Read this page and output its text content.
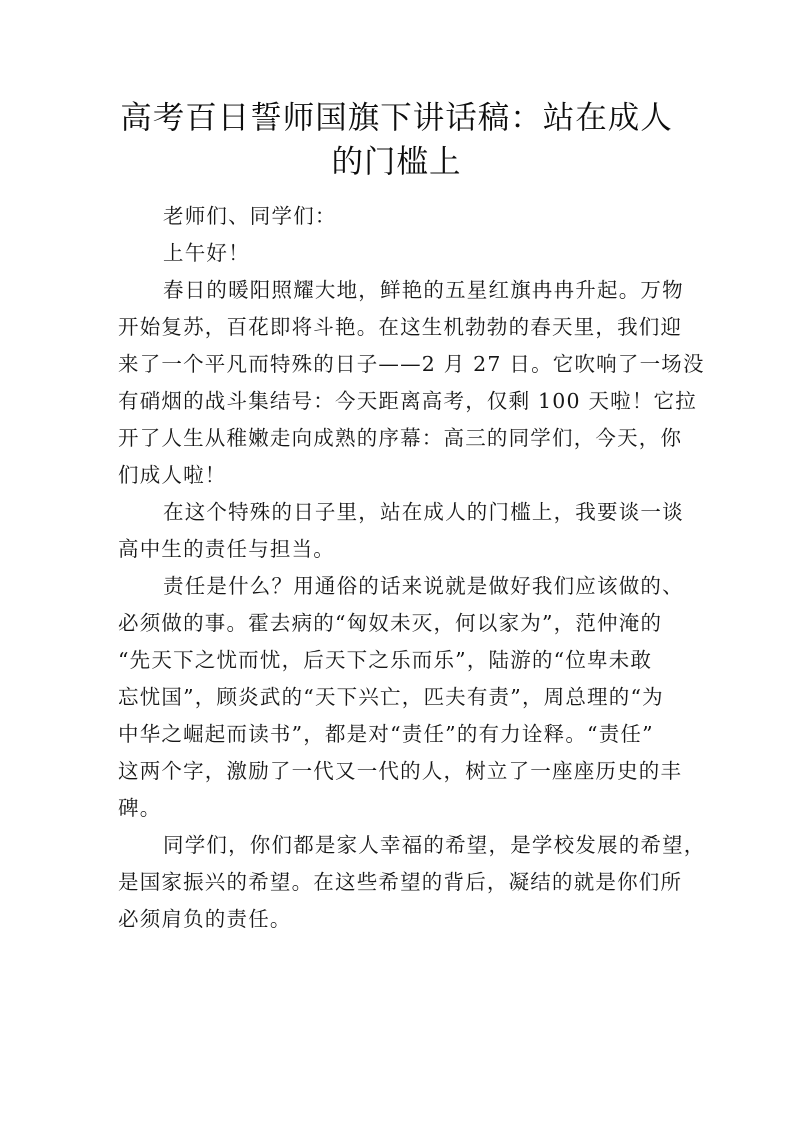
高考百日誓师国旗下讲话稿：站在成人
的门槛上

老师们、同学们：

上午好！

春日的暖阳照耀大地，鲜艳的五星红旗冉冉升起。万物
开始复苏，百花即将斗艳。在这生机勃勃的春天里，我们迎
来了一个平凡而特殊的日子——2 月 27 日。它吹响了一场没
有硝烟的战斗集结号：今天距离高考，仅剩 100 天啦！它拉
开了人生从稚嫩走向成熟的序幕：高三的同学们，今天，你
们成人啦！

在这个特殊的日子里，站在成人的门槛上，我要谈一谈
高中生的责任与担当。

责任是什么？用通俗的话来说就是做好我们应该做的、
必须做的事。霍去病的“匈奴未灭，何以家为”，范仲淹的
“先天下之忧而忧，后天下之乐而乐”，陆游的“位卑未敢
忘忧国”，顾炎武的“天下兴亡，匹夫有责”，周总理的“为
中华之崛起而读书”，都是对“责任”的有力诠释。“责任”
这两个字，激励了一代又一代的人，树立了一座座历史的丰
碑。

同学们，你们都是家人幸福的希望，是学校发展的希望，
是国家振兴的希望。在这些希望的背后，凝结的就是你们所
必须肩负的责任。
